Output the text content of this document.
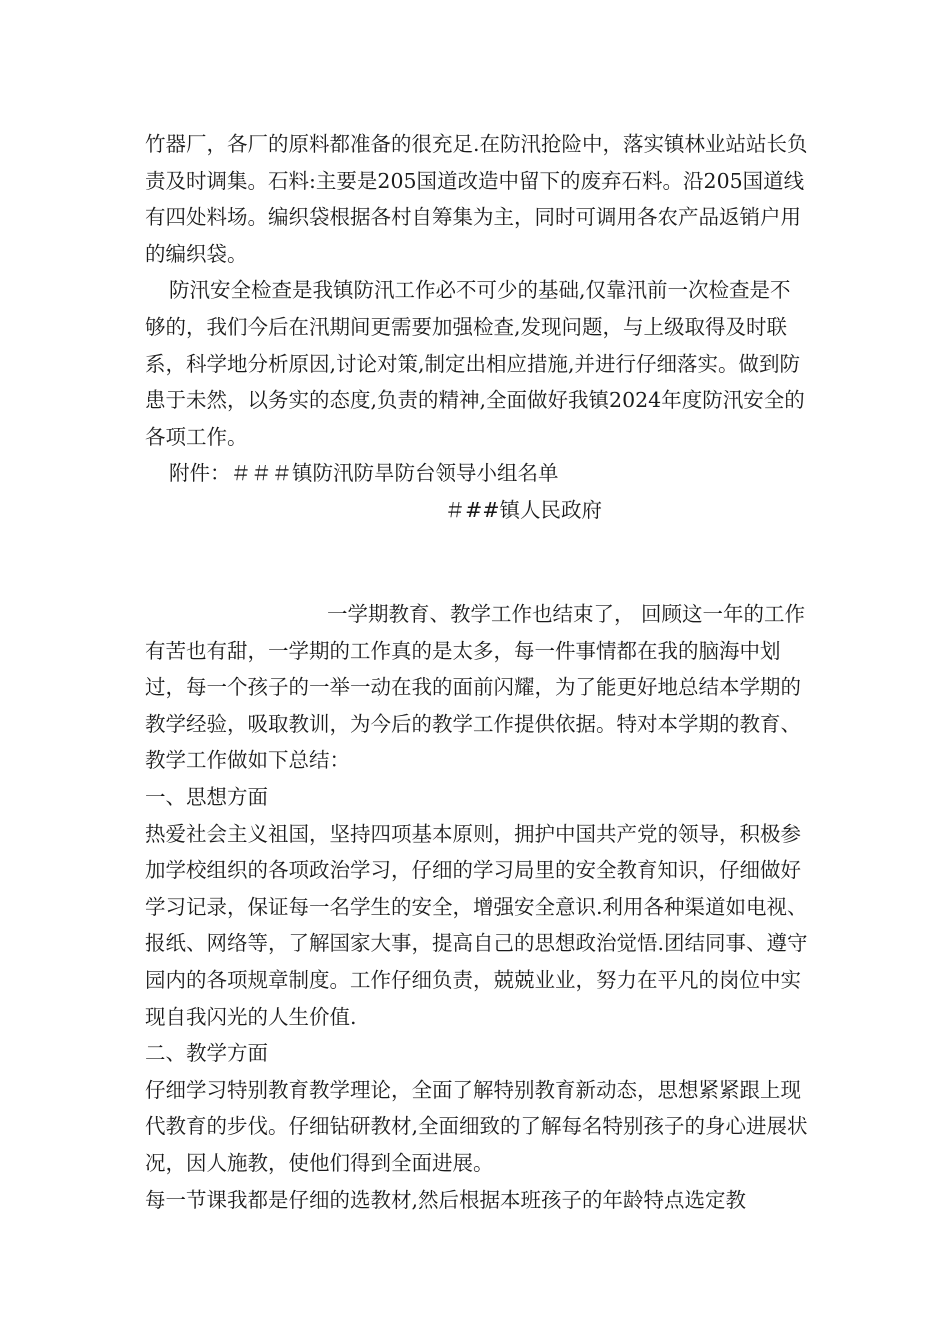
竹器厂，各厂的原料都准备的很充足.在防汛抢险中，落实镇林业站站长负责及时调集。石料:主要是205国道改造中留下的废弃石料。沿205国道线有四处料场。编织袋根据各村自筹集为主，同时可调用各农产品返销户用的编织袋。

防汛安全检查是我镇防汛工作必不可少的基础,仅靠汛前一次检查是不够的，我们今后在汛期间更需要加强检查,发现问题，与上级取得及时联系，科学地分析原因,讨论对策,制定出相应措施,并进行仔细落实。做到防患于未然，以务实的态度,负责的精神,全面做好我镇2024年度防汛安全的各项工作。

附件：＃＃＃镇防汛防旱防台领导小组名单

＃##镇人民政府

一学期教育、教学工作也结束了， 回顾这一年的工作有苦也有甜，一学期的工作真的是太多，每一件事情都在我的脑海中划过，每一个孩子的一举一动在我的面前闪耀，为了能更好地总结本学期的教学经验，吸取教训，为今后的教学工作提供依据。特对本学期的教育、教学工作做如下总结：

一、思想方面

热爱社会主义祖国，坚持四项基本原则，拥护中国共产党的领导，积极参加学校组织的各项政治学习，仔细的学习局里的安全教育知识，仔细做好学习记录，保证每一名学生的安全，增强安全意识.利用各种渠道如电视、报纸、网络等，了解国家大事，提高自己的思想政治觉悟.团结同事、遵守园内的各项规章制度。工作仔细负责，兢兢业业，努力在平凡的岗位中实现自我闪光的人生价值.

二、教学方面

仔细学习特别教育教学理论，全面了解特别教育新动态，思想紧紧跟上现代教育的步伐。仔细钻研教材,全面细致的了解每名特别孩子的身心进展状况，因人施教，使他们得到全面进展。

每一节课我都是仔细的选教材,然后根据本班孩子的年龄特点选定教
